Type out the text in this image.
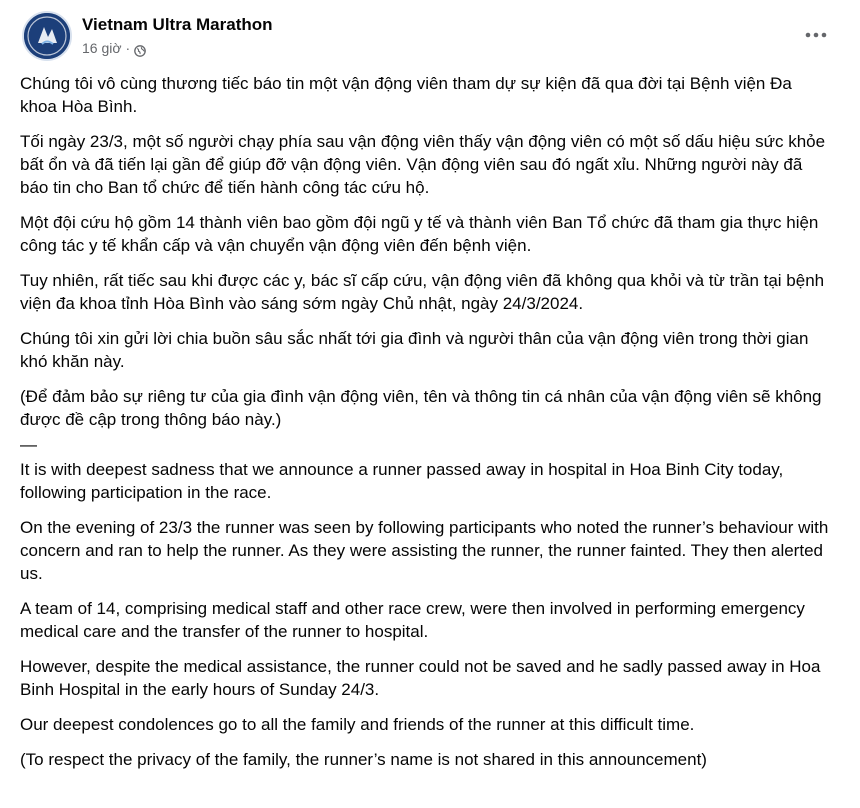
Vietnam Ultra Marathon
16 giờ ·

Chúng tôi vô cùng thương tiếc báo tin một vận động viên tham dự sự kiện đã qua đời tại Bệnh viện Đa khoa Hòa Bình.

Tối ngày 23/3, một số người chạy phía sau vận động viên thấy vận động viên có một số dấu hiệu sức khỏe bất ổn và đã tiến lại gần để giúp đỡ vận động viên. Vận động viên sau đó ngất xỉu. Những người này đã báo tin cho Ban tổ chức để tiến hành công tác cứu hộ.

Một đội cứu hộ gồm 14 thành viên bao gồm đội ngũ y tế và thành viên Ban Tổ chức đã tham gia thực hiện công tác y tế khẩn cấp và vận chuyển vận động viên đến bệnh viện.

Tuy nhiên, rất tiếc sau khi được các y, bác sĩ cấp cứu, vận động viên đã không qua khỏi và từ trần tại bệnh viện đa khoa tỉnh Hòa Bình vào sáng sớm ngày Chủ nhật, ngày 24/3/2024.

Chúng tôi xin gửi lời chia buồn sâu sắc nhất tới gia đình và người thân của vận động viên trong thời gian khó khăn này.

(Để đảm bảo sự riêng tư của gia đình vận động viên, tên và thông tin cá nhân của vận động viên sẽ không được đề cập trong thông báo này.)

—

It is with deepest sadness that we announce a runner passed away in hospital in Hoa Binh City today, following participation in the race.

On the evening of 23/3 the runner was seen by following participants who noted the runner’s behaviour with concern and ran to help the runner. As they were assisting the runner, the runner fainted. They then alerted us.

A team of 14, comprising medical staff and other race crew, were then involved in performing emergency medical care and the transfer of the runner to hospital.

However, despite the medical assistance, the runner could not be saved and he sadly passed away in Hoa Binh Hospital in the early hours of Sunday 24/3.

Our deepest condolences go to all the family and friends of the runner at this difficult time.

(To respect the privacy of the family, the runner’s name is not shared in this announcement)
